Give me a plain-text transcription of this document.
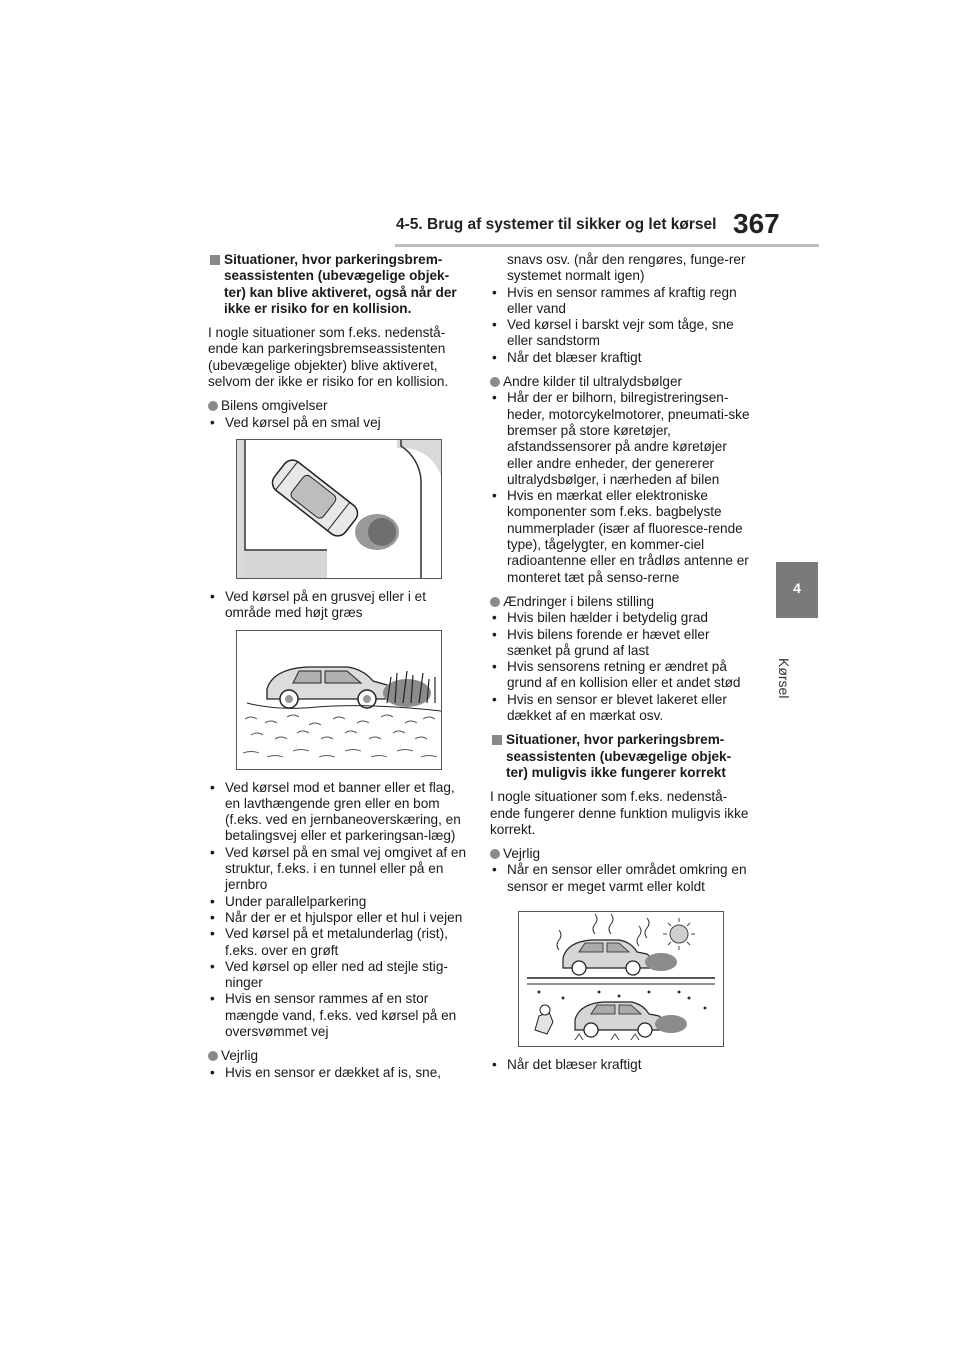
4-5. Brug af systemer til sikker og let kørsel 367
4
Kørsel
Situationer, hvor parkeringsbrem-seassistenten (ubevægelige objek-ter) kan blive aktiveret, også når der ikke er risiko for en kollision.

I nogle situationer som f.eks. nedenstå-ende kan parkeringsbremseassistenten (ubevægelige objekter) blive aktiveret, selvom der ikke er risiko for en kollision.

Bilens omgivelser
• Ved kørsel på en smal vej
• Ved kørsel på en grusvej eller i et område med højt græs
• Ved kørsel mod et banner eller et flag, en lavthængende gren eller en bom (f.eks. ved en jernbaneoverskæring, en betalingsvej eller et parkeringsan-læg)
• Ved kørsel på en smal vej omgivet af en struktur, f.eks. i en tunnel eller på en jernbro
• Under parallelparkering
• Når der er et hjulspor eller et hul i vejen
• Ved kørsel på et metalunderlag (rist), f.eks. over en grøft
• Ved kørsel op eller ned ad stejle stig-ninger
• Hvis en sensor rammes af en stor mængde vand, f.eks. ved kørsel på en oversvømmet vej
Vejrlig
• Hvis en sensor er dækket af is, sne,

snavs osv. (når den rengøres, funge-rer systemet normalt igen)

• Hvis en sensor rammes af kraftig regn eller vand
• Ved kørsel i barskt vejr som tåge, sne eller sandstorm
• Når det blæser kraftigt
Andre kilder til ultralydsbølger
• Hår der er bilhorn, bilregistreringsen-heder, motorcykelmotorer, pneumati-ske bremser på store køretøjer, afstandssensorer på andre køretøjer eller andre enheder, der genererer ultralydsbølger, i nærheden af bilen
• Hvis en mærkat eller elektroniske komponenter som f.eks. bagbelyste nummerplader (især af fluoresce-rende type), tågelygter, en kommer-ciel radioantenne eller en trådløs antenne er monteret tæt på senso-rerne
Ændringer i bilens stilling
• Hvis bilen hælder i betydelig grad
• Hvis bilens forende er hævet eller sænket på grund af last
• Hvis sensorens retning er ændret på grund af en kollision eller et andet stød
• Hvis en sensor er blevet lakeret eller dækket af en mærkat osv.
Situationer, hvor parkeringsbrem-seassistenten (ubevægelige objek-ter) muligvis ikke fungerer korrekt

I nogle situationer som f.eks. nedenstå-ende fungerer denne funktion muligvis ikke korrekt.

Vejrlig
• Når en sensor eller området omkring en sensor er meget varmt eller koldt
• Når det blæser kraftigt
